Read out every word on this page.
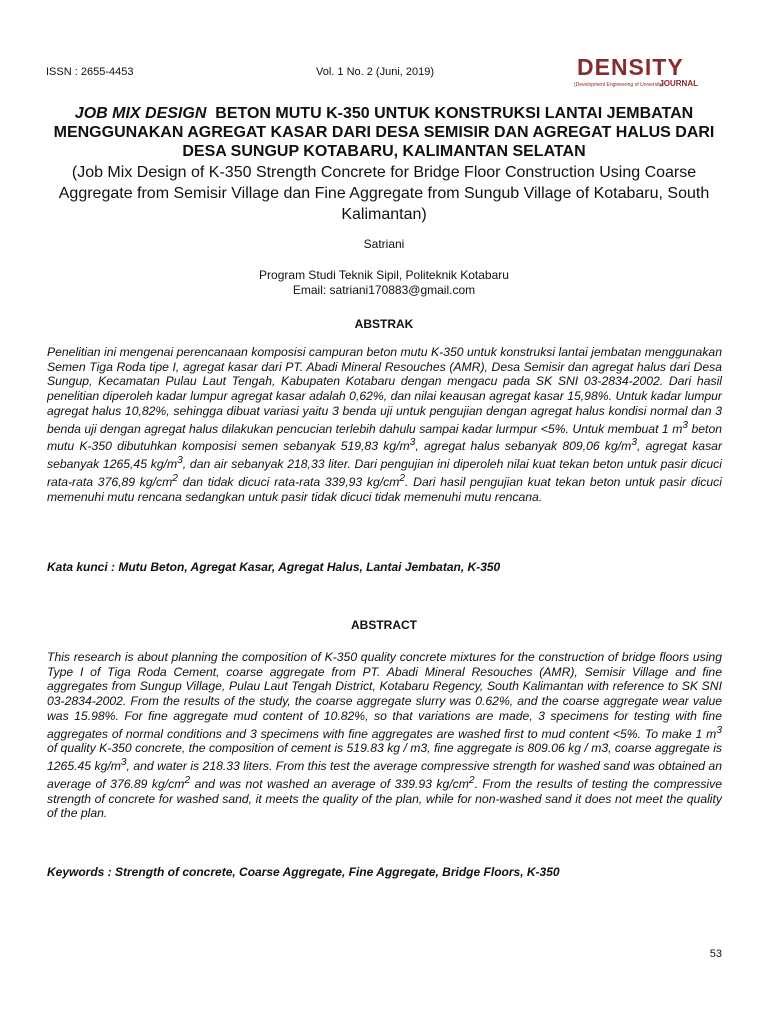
ISSN : 2655-4453	Vol. 1 No. 2 (Juni, 2019)	DENSITY
(Development Engineering of University)
JOURNAL
JOB MIX DESIGN BETON MUTU K-350 UNTUK KONSTRUKSI LANTAI JEMBATAN MENGGUNAKAN AGREGAT KASAR DARI DESA SEMISIR DAN AGREGAT HALUS DARI DESA SUNGUP KOTABARU, KALIMANTAN SELATAN
(Job Mix Design of K-350 Strength Concrete for Bridge Floor Construction Using Coarse Aggregate from Semisir Village dan Fine Aggregate from Sungub Village of Kotabaru, South Kalimantan)
Satriani
Program Studi Teknik Sipil, Politeknik Kotabaru
Email: satriani170883@gmail.com
ABSTRAK
Penelitian ini mengenai perencanaan komposisi campuran beton mutu K-350 untuk konstruksi lantai jembatan menggunakan Semen Tiga Roda tipe I, agregat kasar dari PT. Abadi Mineral Resouches (AMR), Desa Semisir dan agregat halus dari Desa Sungup, Kecamatan Pulau Laut Tengah, Kabupaten Kotabaru dengan mengacu pada SK SNI 03-2834-2002. Dari hasil penelitian diperoleh kadar lumpur agregat kasar adalah 0,62%, dan nilai keausan agregat kasar 15,98%. Untuk kadar lumpur agregat halus 10,82%, sehingga dibuat variasi yaitu 3 benda uji untuk pengujian dengan agregat halus kondisi normal dan 3 benda uji dengan agregat halus dilakukan pencucian terlebih dahulu sampai kadar lurmpur <5%. Untuk membuat 1 $m^3$ beton mutu K-350 dibutuhkan komposisi semen sebanyak 519,83 $kg/m^3$, agregat halus sebanyak 809,06 $kg/m^3$, agregat kasar sebanyak 1265,45 $kg/m^3$, dan air sebanyak 218,33 liter. Dari pengujian ini diperoleh nilai kuat tekan beton untuk pasir dicuci rata-rata 376,89 $kg/cm^2$ dan tidak dicuci rata-rata 339,93 $kg/cm^2$. Dari hasil pengujian kuat tekan beton untuk pasir dicuci memenuhi mutu rencana sedangkan untuk pasir tidak dicuci tidak memenuhi mutu rencana.
Kata kunci : Mutu Beton, Agregat Kasar, Agregat Halus, Lantai Jembatan, K-350
ABSTRACT
This research is about planning the composition of K-350 quality concrete mixtures for the construction of bridge floors using Type I of Tiga Roda Cement, coarse aggregate from PT. Abadi Mineral Resouches (AMR), Semisir Village and fine aggregates from Sungup Village, Pulau Laut Tengah District, Kotabaru Regency, South Kalimantan with reference to SK SNI 03-2834-2002. From the results of the study, the coarse aggregate slurry was 0.62%, and the coarse aggregate wear value was 15.98%. For fine aggregate mud content of 10.82%, so that variations are made, 3 specimens for testing with fine aggregates of normal conditions and 3 specimens with fine aggregates are washed first to mud content <5%. To make 1 $m^3$ of quality K-350 concrete, the composition of cement is 519.83 kg / m3, fine aggregate is 809.06 kg / m3, coarse aggregate is 1265.45 $kg/m^3$, and water is 218.33 liters. From this test the average compressive strength for washed sand was obtained an average of 376.89 $kg/cm^2$ and was not washed an average of 339.93 $kg/cm^2$. From the results of testing the compressive strength of concrete for washed sand, it meets the quality of the plan, while for non-washed sand it does not meet the quality of the plan.
Keywords : Strength of concrete, Coarse Aggregate, Fine Aggregate, Bridge Floors, K-350
53
